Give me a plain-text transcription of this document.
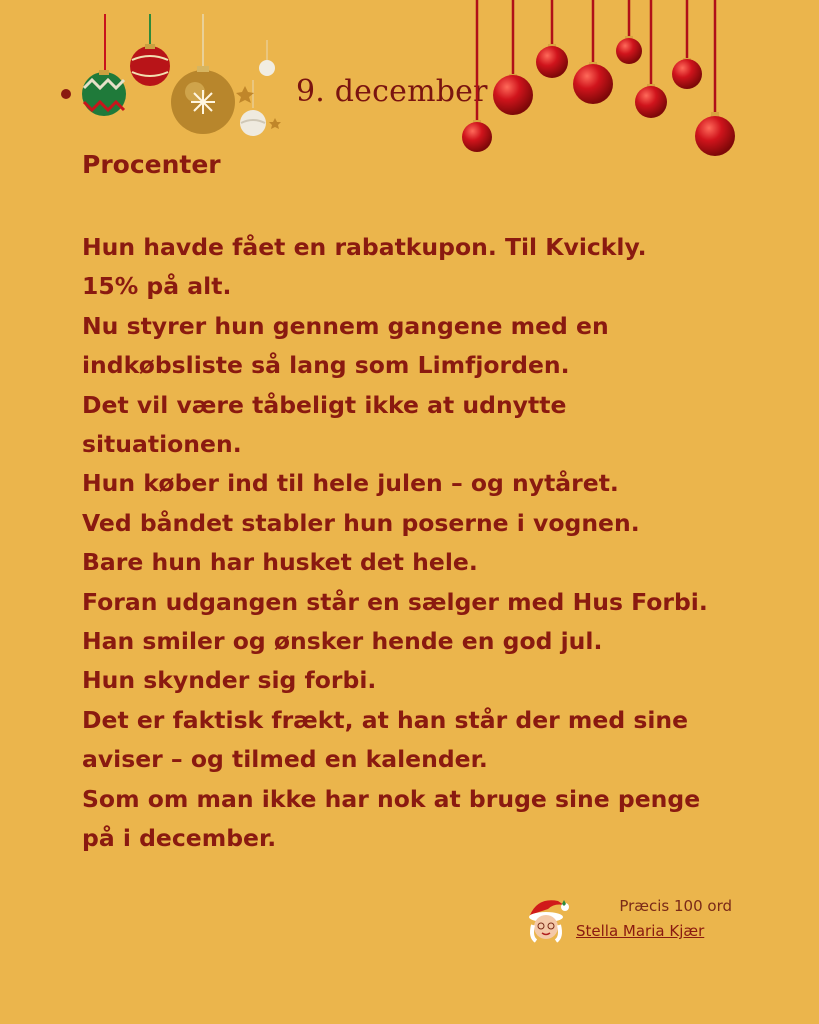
9. december
Procenter
Hun havde fået en rabatkupon. Til Kvickly.
15% på alt.
Nu styrer hun gennem gangene med en
indkøbsliste så lang som Limfjorden.
Det vil være tåbeligt ikke at udnytte
situationen.
Hun køber ind til hele julen – og nytåret.
Ved båndet stabler hun poserne i vognen.
Bare hun har husket det hele.
Foran udgangen står en sælger med Hus Forbi.
Han smiler og ønsker hende en god jul.
Hun skynder sig forbi.
Det er faktisk frækt, at han står der med sine
aviser – og tilmed en kalender.
Som om man ikke har nok at bruge sine penge
på i december.
Præcis 100 ord
Stella Maria Kjær
